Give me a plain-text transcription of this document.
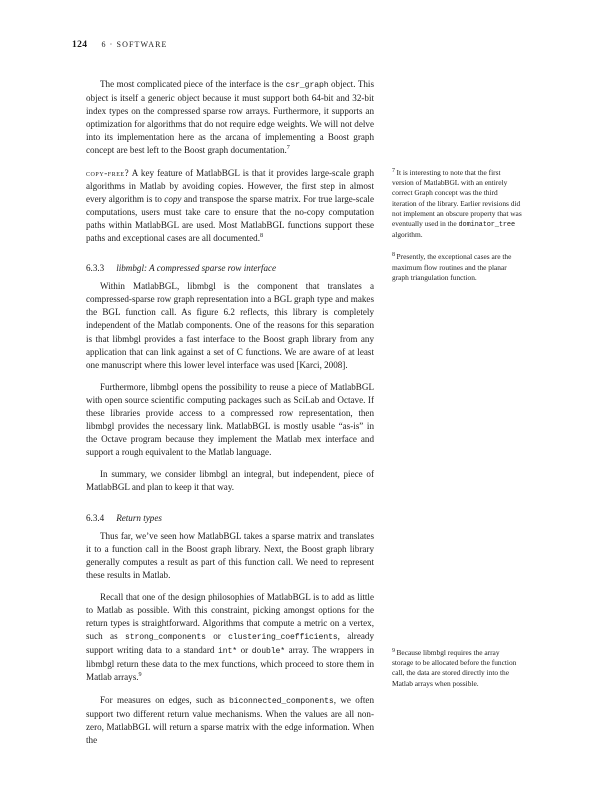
124 6 · SOFTWARE

The most complicated piece of the interface is the csr_graph object. This object is itself a generic object because it must support both 64-bit and 32-bit index types on the compressed sparse row arrays. Furthermore, it supports an optimization for algorithms that do not require edge weights. We will not delve into its implementation here as the arcana of implementing a Boost graph concept are best left to the Boost graph documentation.$^7$

copy-free? A key feature of MatlabBGL is that it provides large-scale graph algorithms in Matlab by avoiding copies. However, the first step in almost every algorithm is to copy and transpose the sparse matrix. For true large-scale computations, users must take care to ensure that the no-copy computation paths within MatlabBGL are used. Most MatlabBGL functions support these paths and exceptional cases are all documented.$^8$

6.3.3 libmbgl: A compressed sparse row interface

Within MatlabBGL, libmbgl is the component that translates a compressed-sparse row graph representation into a BGL graph type and makes the BGL function call. As figure 6.2 reflects, this library is completely independent of the Matlab components. One of the reasons for this separation is that libmbgl provides a fast interface to the Boost graph library from any application that can link against a set of C functions. We are aware of at least one manuscript where this lower level interface was used [Karci, 2008].

Furthermore, libmbgl opens the possibility to reuse a piece of MatlabBGL with open source scientific computing packages such as SciLab and Octave. If these libraries provide access to a compressed row representation, then libmbgl provides the necessary link. MatlabBGL is mostly usable “as-is” in the Octave program because they implement the Matlab mex interface and support a rough equivalent to the Matlab language.

In summary, we consider libmbgl an integral, but independent, piece of MatlabBGL and plan to keep it that way.

6.3.4 Return types

Thus far, we’ve seen how MatlabBGL takes a sparse matrix and translates it to a function call in the Boost graph library. Next, the Boost graph library generally computes a result as part of this function call. We need to represent these results in Matlab.

Recall that one of the design philosophies of MatlabBGL is to add as little to Matlab as possible. With this constraint, picking amongst options for the return types is straightforward. Algorithms that compute a metric on a vertex, such as strong_components or clustering_coefficients, already support writing data to a standard int* or double* array. The wrappers in libmbgl return these data to the mex functions, which proceed to store them in Matlab arrays.$^9$

For measures on edges, such as biconnected_components, we often support two different return value mechanisms. When the values are all non-zero, MatlabBGL will return a sparse matrix with the edge information. When the

$^7$ It is interesting to note that the first version of MatlabBGL with an entirely correct Graph concept was the third iteration of the library. Earlier revisions did not implement an obscure property that was eventually used in the dominator_tree algorithm.
$^8$ Presently, the exceptional cases are the maximum flow routines and the planar graph triangulation function.
$^9$ Because libmbgl requires the array storage to be allocated before the function call, the data are stored directly into the Matlab arrays when possible.
